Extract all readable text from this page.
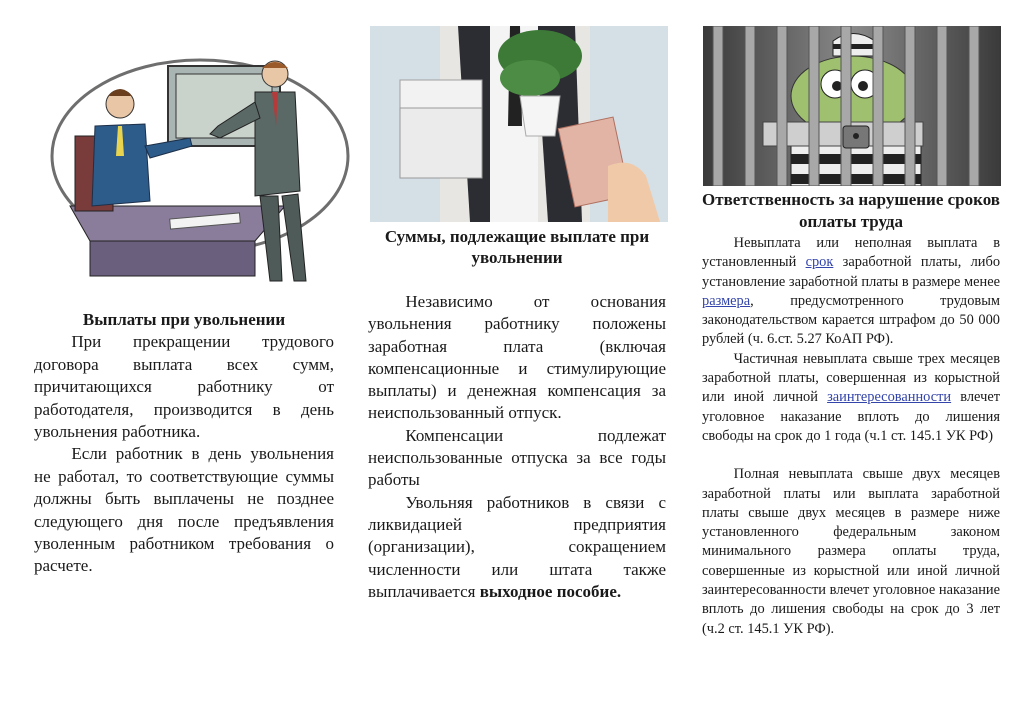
Выплаты при увольнении

При прекращении трудового договора выплата всех сумм, причитающихся работнику от работодателя, производится в день увольнения работника.

Если работник в день увольнения не работал, то соответствующие суммы должны быть выплачены не позднее следующего дня после предъявления уволенным работником требования о расчете.

Суммы, подлежащие выплате при увольнении

Независимо от основания увольнения работнику положены заработная плата (включая компенсационные и стимулирующие выплаты) и денежная компенсация за неиспользованный отпуск.

Компенсации подлежат неиспользованные отпуска за все годы работы

Увольняя работников в связи с ликвидацией предприятия (организации), сокращением численности или штата также выплачивается выходное пособие.

Ответственность за нарушение сроков оплаты труда

Невыплата или неполная выплата в установленный срок заработной платы, либо установление заработной платы в размере менее размера, предусмотренного трудовым законодательством карается штрафом до 50 000 рублей (ч. 6.ст. 5.27 КоАП РФ).

Частичная невыплата свыше трех месяцев заработной платы, совершенная из корыстной или иной личной заинтересованности влечет уголовное наказание вплоть до лишения свободы на срок до 1 года (ч.1 ст. 145.1 УК РФ)

Полная невыплата свыше двух месяцев заработной платы или выплата заработной платы свыше двух месяцев в размере ниже установленного федеральным законом минимального размера оплаты труда, совершенные из корыстной или иной личной заинтересованности влечет уголовное наказание вплоть до лишения свободы на срок до 3 лет (ч.2 ст. 145.1 УК РФ).
